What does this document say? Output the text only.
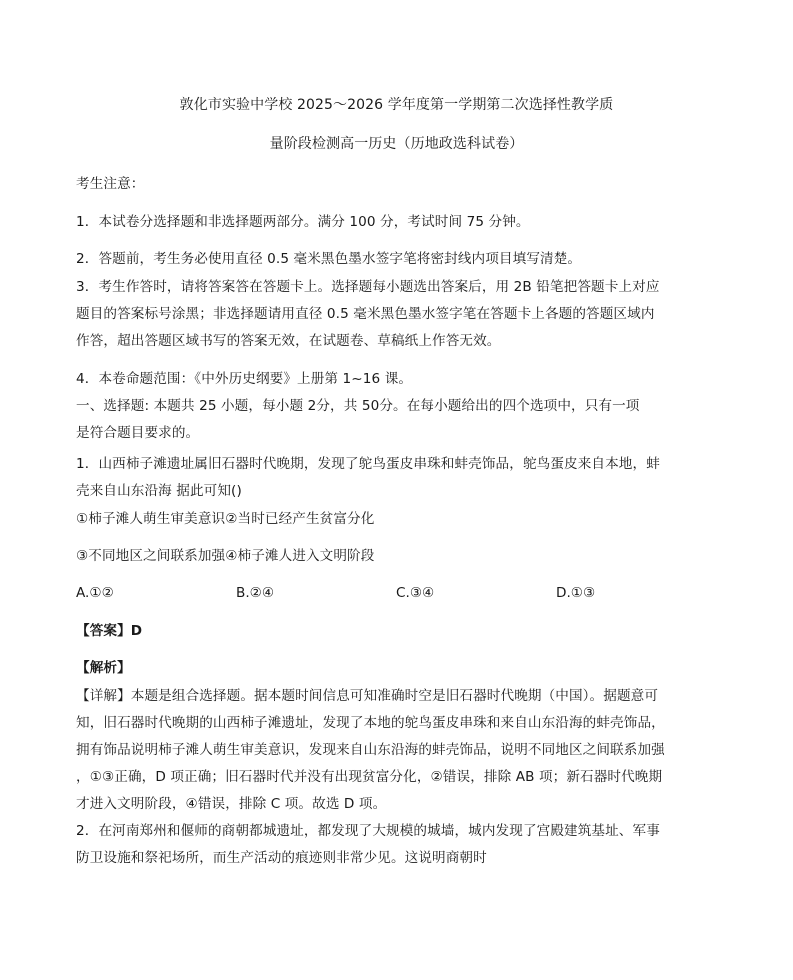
敦化市实验中学校 2025～2026 学年度第一学期第二次选择性教学质
量阶段检测高一历史（历地政选科试卷）
考生注意：
1．本试卷分选择题和非选择题两部分。满分 100 分，考试时间 75 分钟。
2．答题前，考生务必使用直径 0.5 毫米黑色墨水签字笔将密封线内项目填写清楚。
3．考生作答时，请将答案答在答题卡上。选择题每小题选出答案后，用 2B 铅笔把答题卡上对应
题目的答案标号涂黑；非选择题请用直径 0.5 毫米黑色墨水签字笔在答题卡上各题的答题区域内
作答，超出答题区域书写的答案无效，在试题卷、草稿纸上作答无效。
4．本卷命题范围：《中外历史纲要》上册第 1~16 课。
一、选择题: 本题共 25 小题，每小题 2分，共 50分。在每小题给出的四个选项中，只有一项
是符合题目要求的。
1．山西柿子滩遗址属旧石器时代晚期，发现了鸵鸟蛋皮串珠和蚌壳饰品，鸵鸟蛋皮来自本地，蚌
壳来自山东沿海 据此可知()
①柿子滩人萌生审美意识②当时已经产生贫富分化
③不同地区之间联系加强④柿子滩人进入文明阶段
A.①②	B.②④	C.③④	D.①③
【答案】D
【解析】
【详解】本题是组合选择题。据本题时间信息可知准确时空是旧石器时代晚期（中国）。据题意可
知，旧石器时代晚期的山西柿子滩遗址，发现了本地的鸵鸟蛋皮串珠和来自山东沿海的蚌壳饰品，
拥有饰品说明柿子滩人萌生审美意识，发现来自山东沿海的蚌壳饰品，说明不同地区之间联系加强
，①③正确，D 项正确；旧石器时代并没有出现贫富分化，②错误，排除 AB 项；新石器时代晚期
才进入文明阶段，④错误，排除 C 项。故选 D 项。
2．在河南郑州和偃师的商朝都城遗址，都发现了大规模的城墙，城内发现了宫殿建筑基址、军事
防卫设施和祭祀场所，而生产活动的痕迹则非常少见。这说明商朝时
